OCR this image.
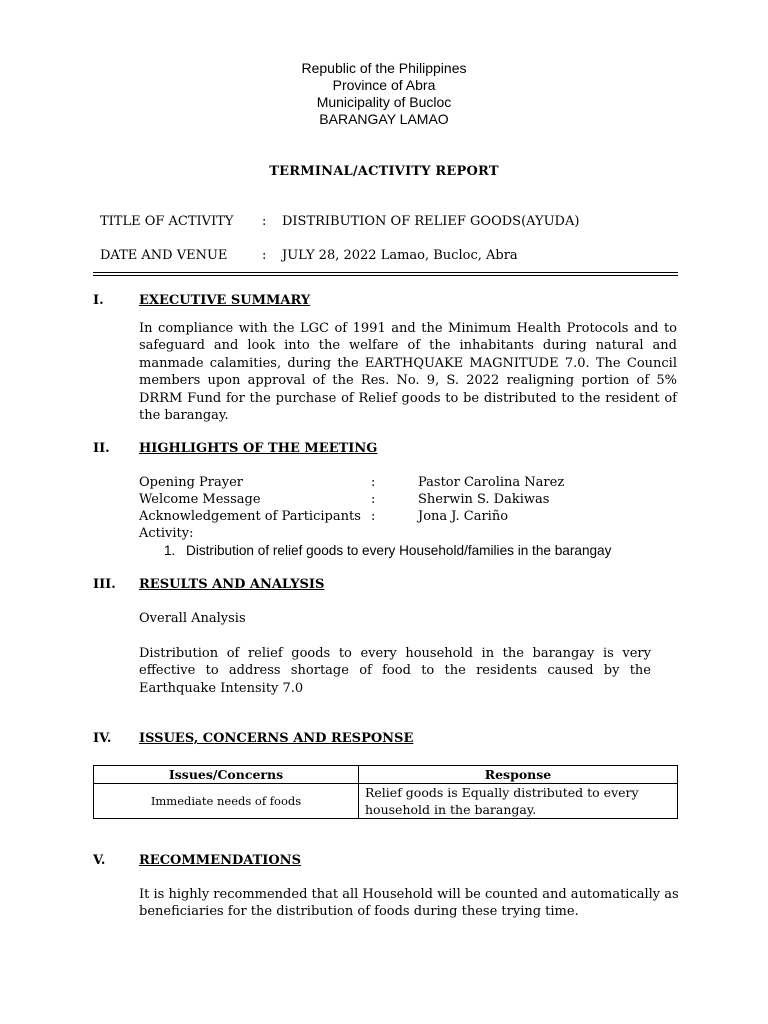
Republic of the Philippines
Province of Abra
Municipality of Bucloc
BARANGAY LAMAO
TERMINAL/ACTIVITY REPORT
TITLE OF ACTIVITY : DISTRIBUTION OF RELIEF GOODS(AYUDA)
DATE AND VENUE	: JULY 28, 2022 Lamao, Bucloc, Abra
I.	EXECUTIVE SUMMARY
In compliance with the LGC of 1991 and the Minimum Health Protocols and to safeguard and look into the welfare of the inhabitants during natural and manmade calamities, during the EARTHQUAKE MAGNITUDE 7.0. The Council members upon approval of the Res. No. 9, S. 2022 realigning portion of 5% DRRM Fund for the purchase of Relief goods to be distributed to the resident of the barangay.
II. HIGHLIGHTS OF THE MEETING
Opening Prayer	:	Pastor Carolina Narez
Welcome Message	:	Sherwin S. Dakiwas
Acknowledgement of Participants :	Jona J. Cariño
Activity:
1. Distribution of relief goods to every Household/families in the barangay
III. RESULTS AND ANALYSIS
Overall Analysis
Distribution of relief goods to every household in the barangay is very effective to address shortage of food to the residents caused by the Earthquake Intensity 7.0
IV. ISSUES, CONCERNS AND RESPONSE
Issues/Concerns	Response
Immediate needs of foods	Relief goods is Equally distributed to every household in the barangay.
V.	RECOMMENDATIONS
It is highly recommended that all Household will be counted and automatically as beneficiaries for the distribution of foods during these trying time.
